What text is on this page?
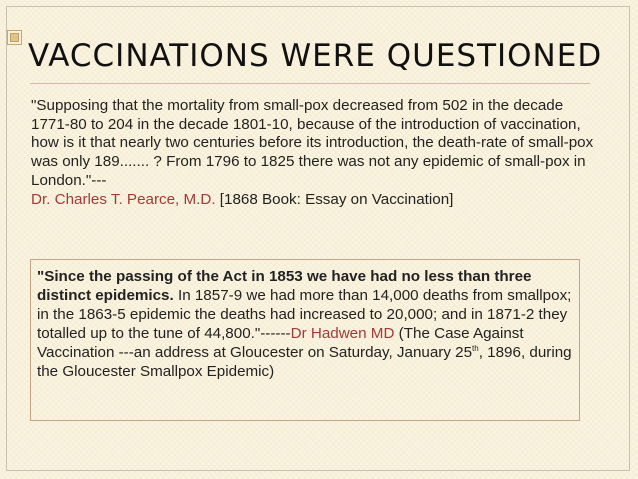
VACCINATIONS WERE QUESTIONED

"Supposing that the mortality from small-pox decreased from 502 in the decade 1771-80 to 204 in the decade 1801-10, because of the introduction of vaccination, how is it that nearly two centuries before its introduction, the death-rate of small-pox was only 189....... ? From 1796 to 1825 there was not any epidemic of small-pox in London."---
Dr. Charles T. Pearce, M.D. [1868 Book: Essay on Vaccination]

"Since the passing of the Act in 1853 we have had no less than three distinct epidemics. In 1857-9 we had more than 14,000 deaths from smallpox; in the 1863-5 epidemic the deaths had increased to 20,000; and in 1871-2 they totalled up to the tune of 44,800."------Dr Hadwen MD (The Case Against Vaccination ---an address at Gloucester on Saturday, January 25th, 1896, during the Gloucester Smallpox Epidemic)
